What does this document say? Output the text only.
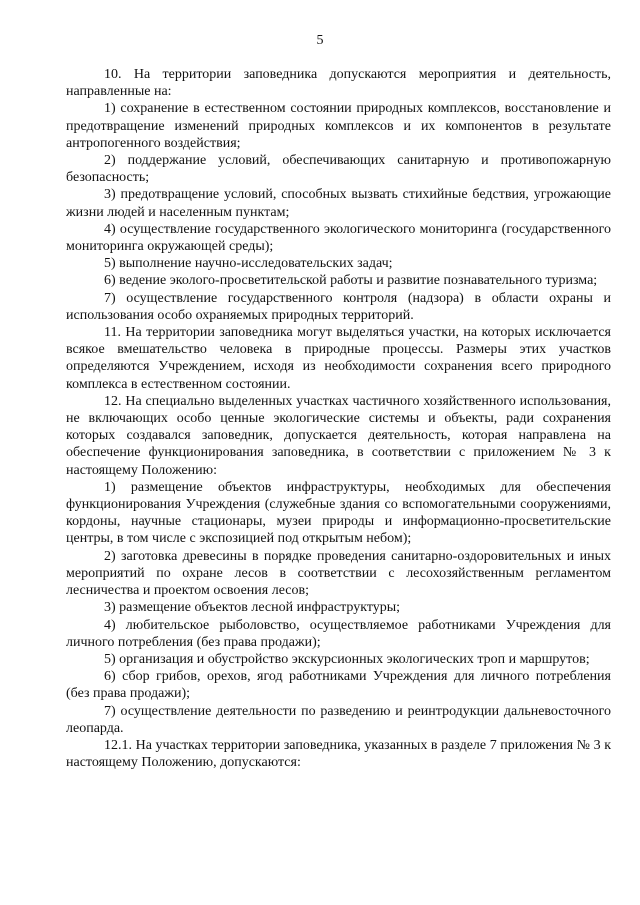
5

10. На территории заповедника допускаются мероприятия и деятельность, направленные на:

1) сохранение в естественном состоянии природных комплексов, восстановление и предотвращение изменений природных комплексов и их компонентов в результате антропогенного воздействия;

2) поддержание условий, обеспечивающих санитарную и противопожарную безопасность;

3) предотвращение условий, способных вызвать стихийные бедствия, угрожающие жизни людей и населенным пунктам;

4) осуществление государственного экологического мониторинга (государственного мониторинга окружающей среды);

5) выполнение научно-исследовательских задач;

6) ведение эколого-просветительской работы и развитие познавательного туризма;

7) осуществление государственного контроля (надзора) в области охраны и использования особо охраняемых природных территорий.

11. На территории заповедника могут выделяться участки, на которых исключается всякое вмешательство человека в природные процессы. Размеры этих участков определяются Учреждением, исходя из необходимости сохранения всего природного комплекса в естественном состоянии.

12. На специально выделенных участках частичного хозяйственного использования, не включающих особо ценные экологические системы и объекты, ради сохранения которых создавался заповедник, допускается деятельность, которая направлена на обеспечение функционирования заповедника, в соответствии с приложением № 3 к настоящему Положению:

1) размещение объектов инфраструктуры, необходимых для обеспечения функционирования Учреждения (служебные здания со вспомогательными сооружениями, кордоны, научные стационары, музеи природы и информационно-просветительские центры, в том числе с экспозицией под открытым небом);

2) заготовка древесины в порядке проведения санитарно-оздоровительных и иных мероприятий по охране лесов в соответствии с лесохозяйственным регламентом лесничества и проектом освоения лесов;

3) размещение объектов лесной инфраструктуры;

4) любительское рыболовство, осуществляемое работниками Учреждения для личного потребления (без права продажи);

5) организация и обустройство экскурсионных экологических троп и маршрутов;

6) сбор грибов, орехов, ягод работниками Учреждения для личного потребления (без права продажи);

7) осуществление деятельности по разведению и реинтродукции дальневосточного леопарда.

12.1. На участках территории заповедника, указанных в разделе 7 приложения № 3 к настоящему Положению, допускаются:
